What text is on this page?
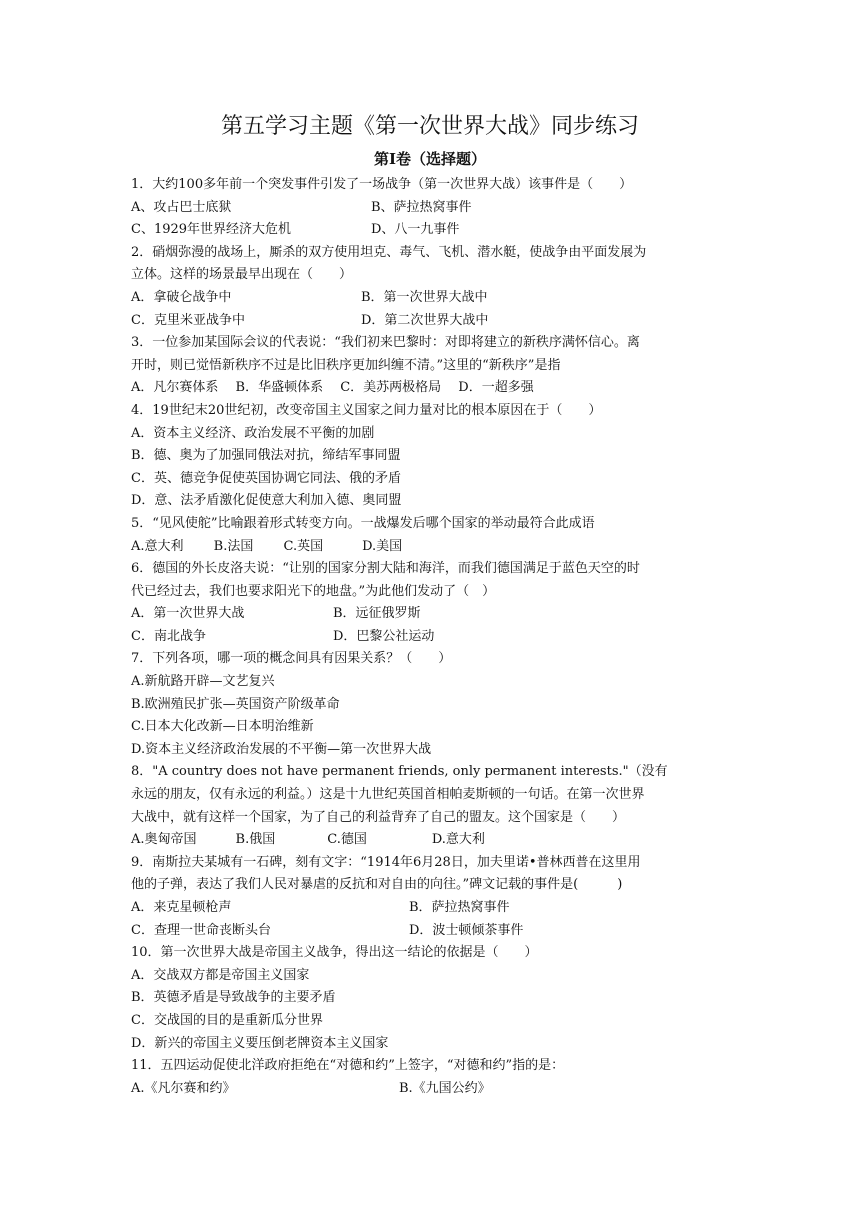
第五学习主题《第一次世界大战》同步练习
第Ⅰ卷（选择题）
1．大约100多年前一个突发事件引发了一场战争（第一次世界大战）该事件是（　　）
A、攻占巴士底狱	B、萨拉热窝事件
C、1929年世界经济大危机	D、八一九事件
2．硝烟弥漫的战场上，厮杀的双方使用坦克、毒气、飞机、潜水艇，使战争由平面发展为
立体。这样的场景最早出现在（　　）
A．拿破仑战争中	B．第一次世界大战中
C．克里米亚战争中	D．第二次世界大战中
3．一位参加某国际会议的代表说：“我们初来巴黎时：对即将建立的新秩序满怀信心。离
开时，则已觉悟新秩序不过是比旧秩序更加纠缠不清。”这里的“新秩序”是指
A．凡尔赛体系　 B．华盛顿体系　 C．美苏两极格局　 D．一超多强
4．19世纪末20世纪初，改变帝国主义国家之间力量对比的根本原因在于（　　）
A．资本主义经济、政治发展不平衡的加剧
B．德、奥为了加强同俄法对抗，缔结军事同盟
C．英、德竞争促使英国协调它同法、俄的矛盾
D．意、法矛盾激化促使意大利加入德、奥同盟
5．“见风使舵”比喻跟着形式转变方向。一战爆发后哪个国家的举动最符合此成语
A.意大利　　 B.法国　　 C.英国　　　D.美国
6．德国的外长皮洛夫说：“让别的国家分割大陆和海洋，而我们德国满足于蓝色天空的时
代已经过去，我们也要求阳光下的地盘。”为此他们发动了（　）
A．第一次世界大战	B．远征俄罗斯
C．南北战争	D．巴黎公社运动
7．下列各项，哪一项的概念间具有因果关系？（　　）
A.新航路开辟—文艺复兴
B.欧洲殖民扩张—英国资产阶级革命
C.日本大化改新—日本明治维新
D.资本主义经济政治发展的不平衡—第一次世界大战
8．"A country does not have permanent friends, only permanent interests."（没有
永远的朋友，仅有永远的利益。）这是十九世纪英国首相帕麦斯顿的一句话。在第一次世界
大战中，就有这样一个国家，为了自己的利益背弃了自己的盟友。这个国家是（　　）
A.奥匈帝国　　　B.俄国　　　　C.德国　　　　　D.意大利
9．南斯拉夫某城有一石碑，刻有文字：“1914年6月28日，加夫里诺•普林西普在这里用
他的子弹，表达了我们人民对暴虐的反抗和对自由的向往。”碑文记载的事件是(　　　)
A．来克星顿枪声	B．萨拉热窝事件
C．查理一世命丧断头台	D．波士顿倾茶事件
10．第一次世界大战是帝国主义战争，得出这一结论的依据是（　　）
A．交战双方都是帝国主义国家
B．英德矛盾是导致战争的主要矛盾
C．交战国的目的是重新瓜分世界
D．新兴的帝国主义要压倒老牌资本主义国家
11．五四运动促使北洋政府拒绝在“对德和约”上签字，“对德和约”指的是：
A.《凡尔赛和约》	B.《九国公约》
